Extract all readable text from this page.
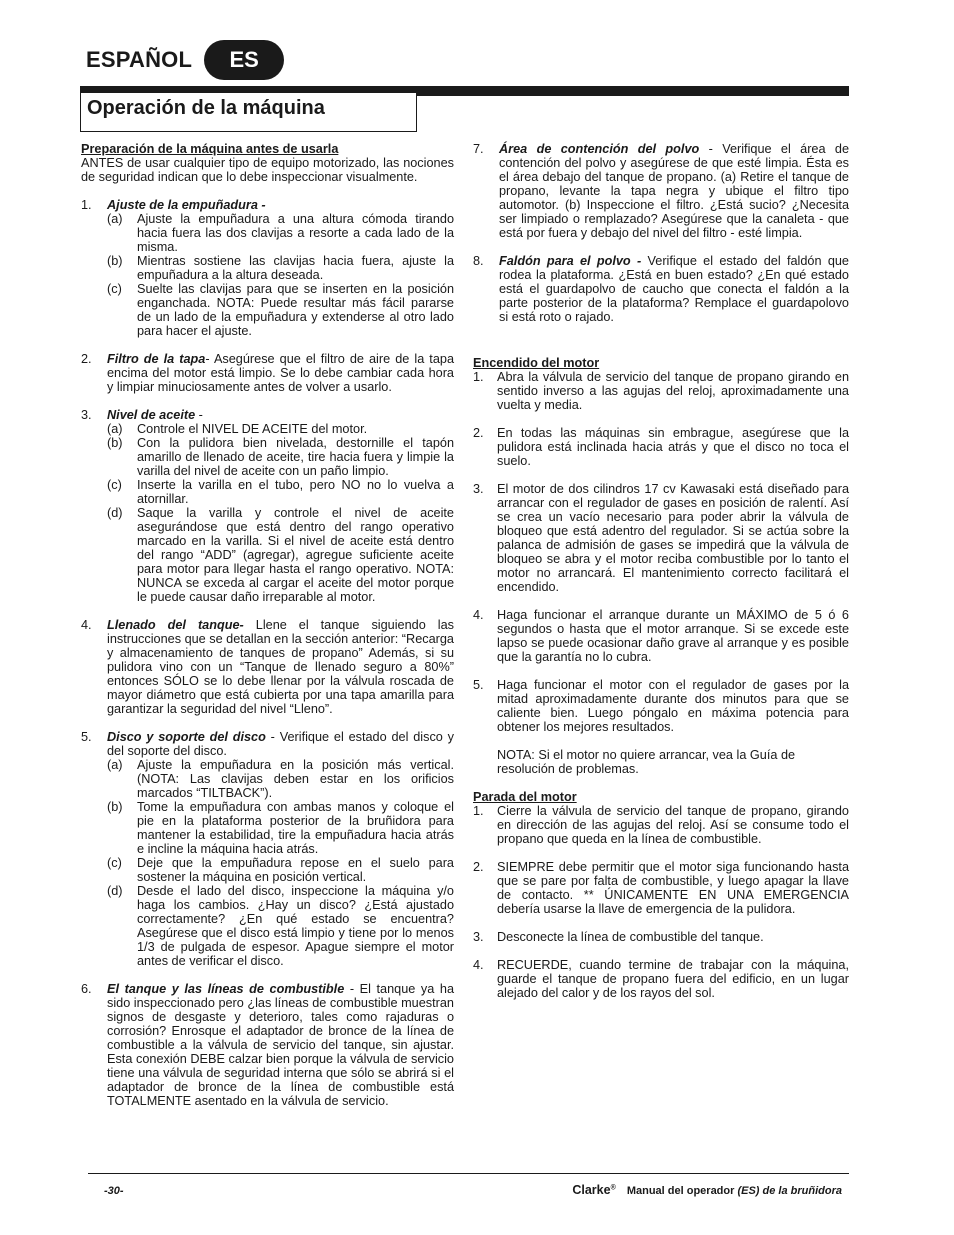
ESPAÑOL	ES
Operación de la máquina
Preparación de la máquina antes de usarla
ANTES de usar cualquier tipo de equipo motorizado, las nociones de seguridad indican que lo debe inspeccionar visualmente.
1.	Ajuste de la empuñadura -
(a)	Ajuste la empuñadura a una altura cómoda tirando hacia fuera las dos clavijas a resorte a cada lado de la misma.
(b)	Mientras sostiene las clavijas hacia fuera, ajuste la empuñadura a la altura deseada.
(c)	Suelte las clavijas para que se inserten en la posición enganchada. NOTA: Puede resultar más fácil pararse de un lado de la empuñadura y extenderse al otro lado para hacer el ajuste.
2.	Filtro de la tapa- Asegúrese que el filtro de aire de la tapa encima del motor está limpio. Se lo debe cambiar cada hora y limpiar minuciosamente antes de volver a usarlo.
3.	Nivel de aceite -
(a)	Controle el NIVEL DE ACEITE del motor.
(b)	Con la pulidora bien nivelada, destornille el tapón amarillo de llenado de aceite, tire hacia fuera y limpie la varilla del nivel de aceite con un paño limpio.
(c)	Inserte la varilla en el tubo, pero NO no lo vuelva a atornillar.
(d)	Saque la varilla y controle el nivel de aceite asegurándose que está dentro del rango operativo marcado en la varilla. Si el nivel de aceite está dentro del rango “ADD” (agregar), agregue suficiente aceite para motor para llegar hasta el rango operativo. NOTA: NUNCA se exceda al cargar el aceite del motor porque le puede causar daño irreparable al motor.
4.	Llenado del tanque- Llene el tanque siguiendo las instrucciones que se detallan en la sección anterior: “Recarga y almacenamiento de tanques de propano” Además, si su pulidora vino con un “Tanque de llenado seguro a 80%” entonces SÓLO se lo debe llenar por la válvula roscada de mayor diámetro que está cubierta por una tapa amarilla para garantizar la seguridad del nivel “Lleno”.
5.	Disco y soporte del disco - Verifique el estado del disco y del soporte del disco.
(a)	Ajuste la empuñadura en la posición más vertical. (NOTA: Las clavijas deben estar en los orificios marcados “TILTBACK”).
(b)	Tome la empuñadura con ambas manos y coloque el pie en la plataforma posterior de la bruñidora para mantener la estabilidad, tire la empuñadura hacia atrás e incline la máquina hacia atrás.
(c)	Deje que la empuñadura repose en el suelo para sostener la máquina en posición vertical.
(d)	Desde el lado del disco, inspeccione la máquina y/o haga los cambios. ¿Hay un disco? ¿Está ajustado correctamente? ¿En qué estado se encuentra? Asegúrese que el disco está limpio y tiene por lo menos 1/3 de pulgada de espesor. Apague siempre el motor antes de verificar el disco.
6.	El tanque y las líneas de combustible - El tanque ya ha sido inspeccionado pero ¿las líneas de combustible muestran signos de desgaste y deterioro, tales como rajaduras o corrosión? Enrosque el adaptador de bronce de la línea de combustible a la válvula de servicio del tanque, sin ajustar. Esta conexión DEBE calzar bien porque la válvula de servicio tiene una válvula de seguridad interna que sólo se abrirá si el adaptador de bronce de la línea de combustible está TOTALMENTE asentado en la válvula de servicio.
7.	Área de contención del polvo - Verifique el área de contención del polvo y asegúrese de que esté limpia. Ésta es el área debajo del tanque de propano. (a) Retire el tanque de propano, levante la tapa negra y ubique el filtro tipo automotor. (b) Inspeccione el filtro. ¿Está sucio? ¿Necesita ser limpiado o remplazado? Asegúrese que la canaleta - que está por fuera y debajo del nivel del filtro - esté limpia.
8.	Faldón para el polvo - Verifique el estado del faldón que rodea la plataforma. ¿Está en buen estado? ¿En qué estado está el guardapolvo de caucho que conecta el faldón a la parte posterior de la plataforma? Remplace el guardapolovo si está roto o rajado.
Encendido del motor
1.	Abra la válvula de servicio del tanque de propano girando en sentido inverso a las agujas del reloj, aproximadamente una vuelta y media.
2.	En todas las máquinas sin embrague, asegúrese que la pulidora está inclinada hacia atrás y que el disco no toca el suelo.
3.	El motor de dos cilindros 17 cv Kawasaki está diseñado para arrancar con el regulador de gases en posición de ralentí. Así se crea un vacío necesario para poder abrir la válvula de bloqueo que está adentro del regulador. Si se actúa sobre la palanca de admisión de gases se impedirá que la válvula de bloqueo se abra y el motor reciba combustible por lo tanto el motor no arrancará. El mantenimiento correcto facilitará el encendido.
4.	Haga funcionar el arranque durante un MÁXIMO de 5 ó 6 segundos o hasta que el motor arranque. Si se excede este lapso se puede ocasionar daño grave al arranque y es posible que la garantía no lo cubra.
5.	Haga funcionar el motor con el regulador de gases por la mitad aproximadamente durante dos minutos para que se caliente bien. Luego póngalo en máxima potencia para obtener los mejores resultados.
NOTA: Si el motor no quiere arrancar, vea la Guía de resolución de problemas.
Parada del motor
1.	Cierre la válvula de servicio del tanque de propano, girando en dirección de las agujas del reloj. Así se consume todo el propano que queda en la línea de combustible.
2.	SIEMPRE debe permitir que el motor siga funcionando hasta que se pare por falta de combustible, y luego apagar la llave de contacto. ** ÚNICAMENTE EN UNA EMERGENCIA debería usarse la llave de emergencia de la pulidora.
3.	Desconecte la línea de combustible del tanque.
4.	RECUERDE, cuando termine de trabajar con la máquina, guarde el tanque de propano fuera del edificio, en un lugar alejado del calor y de los rayos del sol.
-30-	Clarke® Manual del operador (ES) de la bruñidora
